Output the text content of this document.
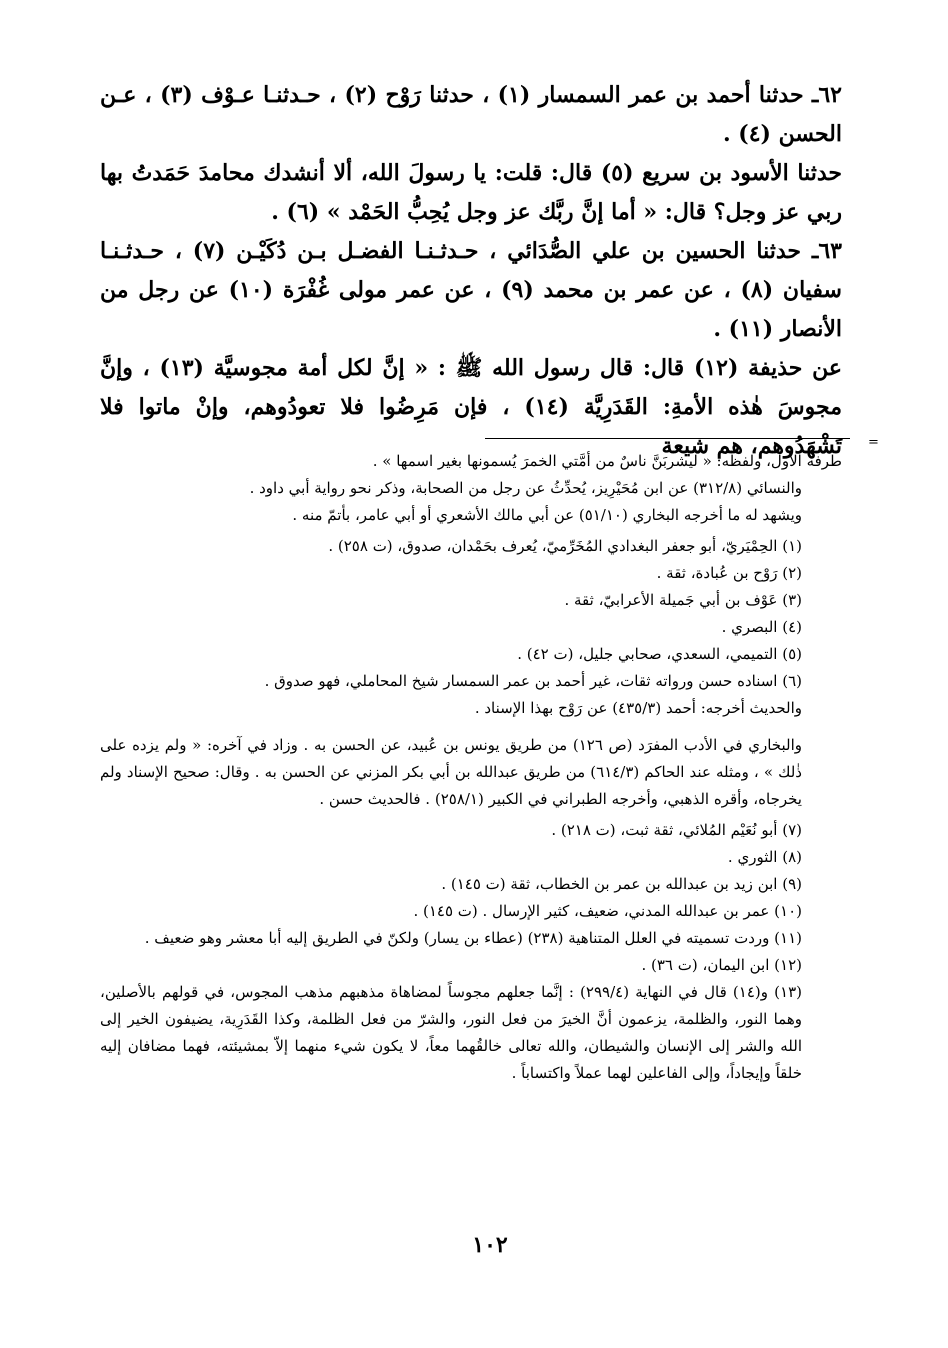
٦٢ـ حدثنا أحمد بن عمر السمسار (١) ، حدثنا رَوْح (٢) ، حـدثنـا عـوْف (٣) ، عـن الحسن (٤) .

حدثنا الأسود بن سريع (٥) قال: قلت: يا رسولَ الله، ألا أنشدك محامدَ حَمَدتُ بها ربي عز وجل؟ قال: « أما إنَّ ربَّك عز وجل يُحِبُّ الحَمْد » (٦) .

٦٣ـ حدثنا الحسين بن علي الصُّدَائي ، حـدثـنـا الفضـل بـن دُكَيْـن (٧) ، حـدثـنـا سفيان (٨) ، عن عمر بن محمد (٩) ، عن عمر مولى غُفْرَة (١٠) عن رجل من الأنصار (١١) .

عن حذيفة (١٢) قال: قال رسول الله ﷺ : « إنَّ لكل أمة مجوسيَّة (١٣) ، وإنَّ مجوسَ هٰذه الأمةِ: القَدَرِيَّة (١٤) ، فإن مَرِضُوا فلا تعودُوهم، وإنْ ماتوا فلا تَشْهَدُوهم، هم شيعة =

طرفه الأول، ولفظه: « ليشربَنَّ ناسٌ من أمَّتي الخمرَ يُسمونها بغير اسمها » .

والنسائي (٣١٢/٨) عن ابن مُحَيْرِيز، يُحدِّثُ عن رجل من الصحابة، وذكر نحو رواية أبي داود .

ويشهد له ما أخرجه البخاري (٥١/١٠) عن أبي مالك الأشعري أو أبي عامر، بأتمّ منه .

(١) الحِمْيَريّ، أبو جعفر البغدادي المُخَرِّميّ، يُعرف بحَمْدان، صدوق، (ت ٢٥٨) .

(٢) رَوْح بن عُبادة، ثقة .

(٣) عَوْف بن أبي جَميلة الأعرابيّ، ثقة .

(٤) البصري .

(٥) التميمي، السعدي، صحابي جليل، (ت ٤٢) .

(٦) اسناده حسن ورواته ثقات، غير أحمد بن عمر السمسار شيخ المحاملي، فهو صدوق .

والحديث أخرجه: أحمد (٤٣٥/٣) عن رَوْح بهذا الإسناد .

والبخاري في الأدب المفرَد (ص ١٢٦) من طريق يونس بن عُبيد، عن الحسن به . وزاد في آخره: « ولم يزده على ذٰلك » ، ومثله عند الحاكم (٦١٤/٣) من طريق عبدالله بن أبي بكر المزني عن الحسن به . وقال: صحيح الإسناد ولم يخرجاه، وأقره الذهبي، وأخرجه الطبراني في الكبير (٢٥٨/١) . فالحديث حسن .

(٧) أبو نُعَيْم المُلائي، ثقة ثبت، (ت ٢١٨) .

(٨) الثوري .

(٩) ابن زيد بن عبدالله بن عمر بن الخطاب، ثقة (ت ١٤٥) .

(١٠) عمر بن عبدالله المدني، ضعيف، كثير الإرسال . (ت ١٤٥) .

(١١) وردت تسميته في العلل المتناهية (٢٣٨) (عطاء بن يسار) ولكنّ في الطريق إليه أبا معشر وهو ضعيف .

(١٢) ابن اليمان، (ت ٣٦) .

(١٣) و(١٤) قال في النهاية (٢٩٩/٤) : إنَّما جعلهم مجوساً لمضاهاة مذهبهم مذهب المجوس، في قولهم بالأصلين، وهما النور، والظلمة، يزعمون أنَّ الخيرَ من فعل النور، والشرّ من فعل الظلمة، وكذا القَدَرِية، يضيفون الخير إلى الله والشر إلى الإنسان والشيطان، والله تعالى خالقُهما معاً، لا يكون شيء منهما إلاّ بمشيئته، فهما مضافان إليه خلقاً وإيجاداً، وإلى الفاعلين لهما عملاً واكتساباً .

١٠٢
